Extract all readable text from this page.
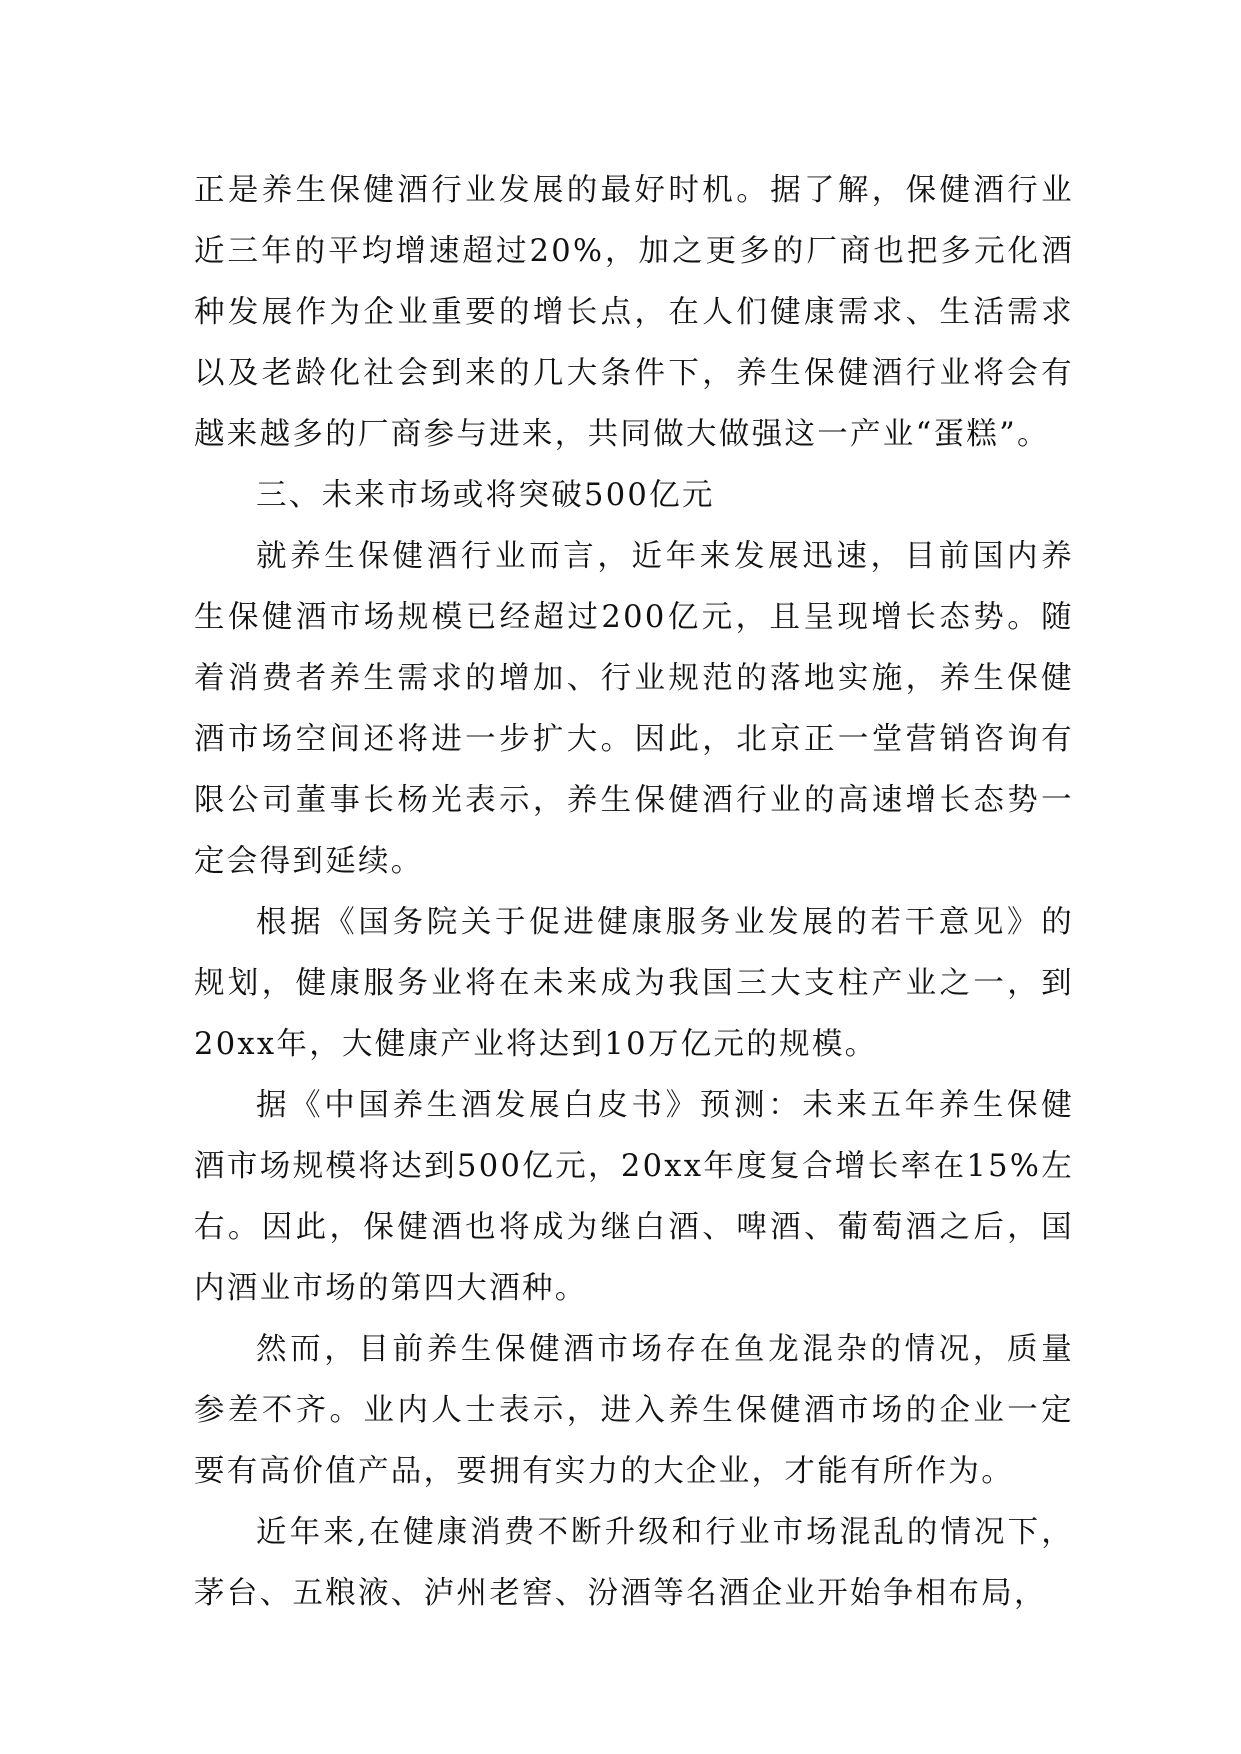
正是养生保健酒行业发展的最好时机。据了解，保健酒行业近三年的平均增速超过20%，加之更多的厂商也把多元化酒种发展作为企业重要的增长点，在人们健康需求、生活需求以及老龄化社会到来的几大条件下，养生保健酒行业将会有越来越多的厂商参与进来，共同做大做强这一产业“蛋糕”。

三、未来市场或将突破500亿元

就养生保健酒行业而言，近年来发展迅速，目前国内养生保健酒市场规模已经超过200亿元，且呈现增长态势。随着消费者养生需求的增加、行业规范的落地实施，养生保健酒市场空间还将进一步扩大。因此，北京正一堂营销咨询有限公司董事长杨光表示，养生保健酒行业的高速增长态势一定会得到延续。

根据《国务院关于促进健康服务业发展的若干意见》的规划，健康服务业将在未来成为我国三大支柱产业之一，到20xx年，大健康产业将达到10万亿元的规模。

据《中国养生酒发展白皮书》预测：未来五年养生保健酒市场规模将达到500亿元，20xx年度复合增长率在15%左右。因此，保健酒也将成为继白酒、啤酒、葡萄酒之后，国内酒业市场的第四大酒种。

然而，目前养生保健酒市场存在鱼龙混杂的情况，质量参差不齐。业内人士表示，进入养生保健酒市场的企业一定要有高价值产品，要拥有实力的大企业，才能有所作为。

近年来,在健康消费不断升级和行业市场混乱的情况下，茅台、五粮液、泸州老窖、汾酒等名酒企业开始争相布局，
